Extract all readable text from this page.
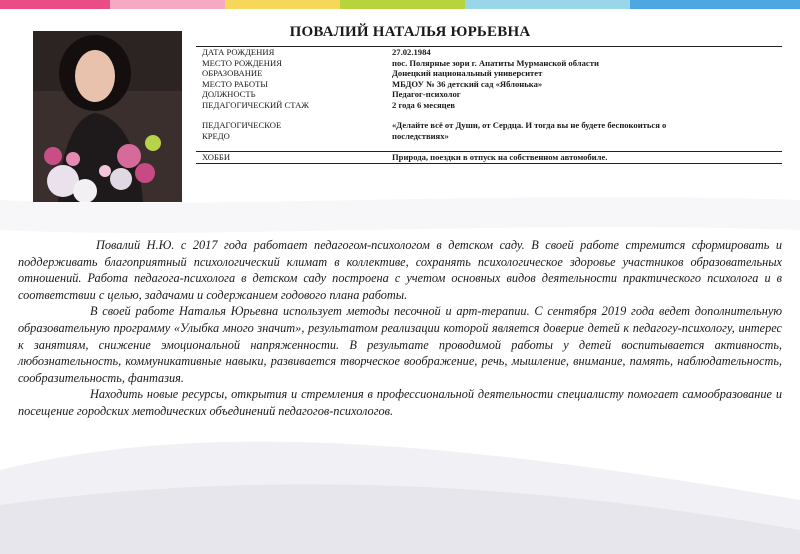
ПОВАЛИЙ НАТАЛЬЯ ЮРЬЕВНА
ДАТА РОЖДЕНИЯ	27.02.1984
МЕСТО РОЖДЕНИЯ	пос. Полярные зори г. Апатиты Мурманской области
ОБРАЗОВАНИЕ	Донецкий национальный университет
МЕСТО РАБОТЫ	МБДОУ № 36 детский сад «Яблонька»
ДОЛЖНОСТЬ	Педагог-психолог
ПЕДАГОГИЧЕСКИЙ СТАЖ	2 года 6 месяцев
ПЕДАГОГИЧЕСКОЕ	«Делайте всё от Души, от Сердца. И тогда вы не будете беспокоиться о
КРЕДО	последствиях»
ХОББИ	Природа, поездки в отпуск на собственном автомобиле.

Повалий Н.Ю. с 2017 года работает педагогом-психологом в детском саду. В своей работе стремится сформировать и поддерживать благоприятный психологический климат в коллективе, сохранять психологическое здоровье участников образовательных отношений. Работа педагога-психолога в детском саду построена с учетом основных видов деятельности практического психолога и в соответствии с целью, задачами и содержанием годового плана работы.

В своей работе Наталья Юрьевна использует методы песочной и арт-терапии. С сентября 2019 года ведет дополнительную образовательную программу «Улыбка много значит», результатом реализации которой является доверие детей к педагогу-психологу, интерес к занятиям, снижение эмоциональной напряженности. В результате проводимой работы у детей воспитывается активность, любознательность, коммуникативные навыки, развивается творческое воображение, речь, мышление, внимание, память, наблюдательность, сообразительность, фантазия.

Находить новые ресурсы, открытия и стремления в профессиональной деятельности специалисту помогает самообразование и посещение городских методических объединений педагогов-психологов.
